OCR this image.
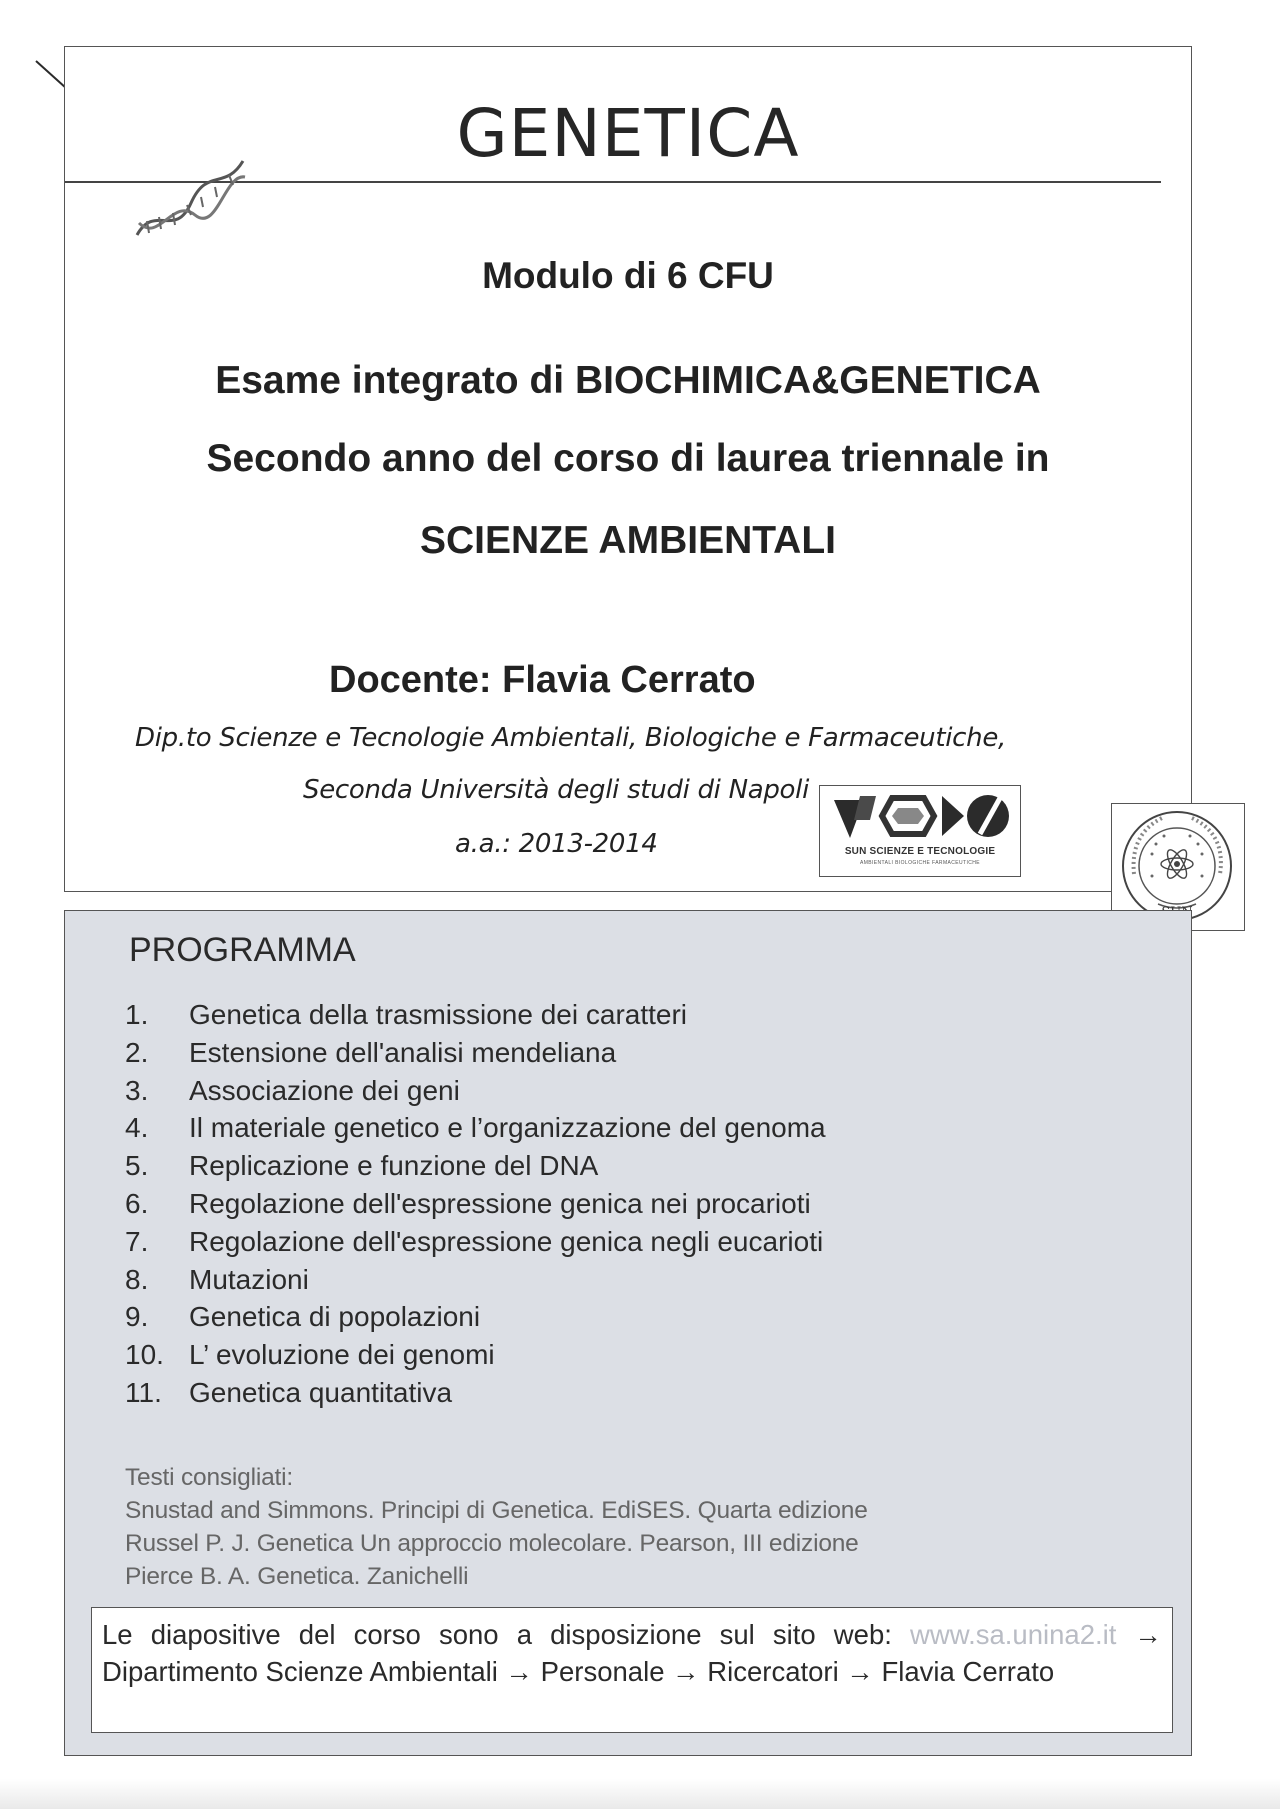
GENETICA
Modulo di 6 CFU
Esame integrato di BIOCHIMICA&GENETICA
Secondo anno del corso di laurea triennale in
SCIENZE AMBIENTALI
Docente: Flavia Cerrato
Dip.to Scienze e Tecnologie Ambientali, Biologiche e Farmaceutiche,
Seconda Università degli studi di Napoli
a.a.: 2013-2014	SUN SCIENZE E TECNOLOGIE
AMBIENTALI BIOLOGICHE FARMACEUTICHE
PROGRAMMA
1. Genetica della trasmissione dei caratteri
2. Estensione dell'analisi mendeliana
3. Associazione dei geni
4. Il materiale genetico e l’organizzazione del genoma
5. Replicazione e funzione del DNA
6. Regolazione dell'espressione genica nei procarioti
7. Regolazione dell'espressione genica negli eucarioti
8. Mutazioni
9. Genetica di popolazioni
10. L’ evoluzione dei genomi
11. Genetica quantitativa
Testi consigliati:
Snustad and Simmons. Principi di Genetica. EdiSES. Quarta edizione
Russel P. J. Genetica Un approccio molecolare. Pearson, III edizione
Pierce B. A. Genetica. Zanichelli
Le diapositive del corso sono a disposizione sul sito web: www.sa.unina2.it → Dipartimento Scienze Ambientali → Personale → Ricercatori → Flavia Cerrato
